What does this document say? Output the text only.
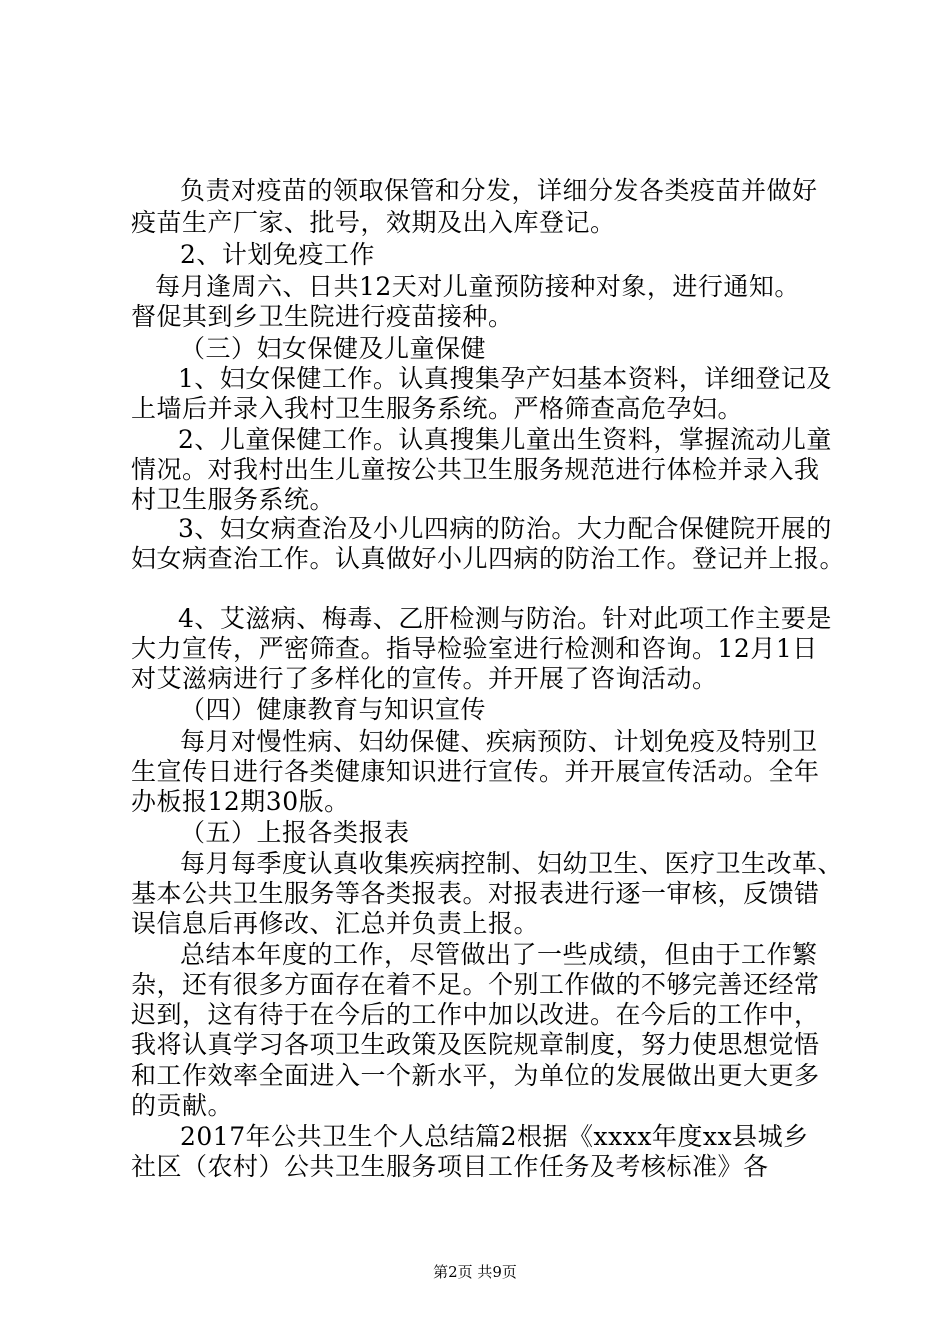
负责对疫苗的领取保管和分发，详细分发各类疫苗并做好
疫苗生产厂家、批号，效期及出入库登记。
2、计划免疫工作
每月逢周六、日共12天对儿童预防接种对象，进行通知。
督促其到乡卫生院进行疫苗接种。
（三）妇女保健及儿童保健
1、妇女保健工作。认真搜集孕产妇基本资料，详细登记及
上墙后并录入我村卫生服务系统。严格筛查高危孕妇。
2、儿童保健工作。认真搜集儿童出生资料，掌握流动儿童
情况。对我村出生儿童按公共卫生服务规范进行体检并录入我
村卫生服务系统。
3、妇女病查治及小儿四病的防治。大力配合保健院开展的
妇女病查治工作。认真做好小儿四病的防治工作。登记并上报。
4、艾滋病、梅毒、乙肝检测与防治。针对此项工作主要是
大力宣传，严密筛查。指导检验室进行检测和咨询。12月1日
对艾滋病进行了多样化的宣传。并开展了咨询活动。
（四）健康教育与知识宣传
每月对慢性病、妇幼保健、疾病预防、计划免疫及特别卫
生宣传日进行各类健康知识进行宣传。并开展宣传活动。全年
办板报12期30版。
（五）上报各类报表
每月每季度认真收集疾病控制、妇幼卫生、医疗卫生改革、
基本公共卫生服务等各类报表。对报表进行逐一审核，反馈错
误信息后再修改、汇总并负责上报。
总结本年度的工作，尽管做出了一些成绩，但由于工作繁
杂，还有很多方面存在着不足。个别工作做的不够完善还经常
迟到，这有待于在今后的工作中加以改进。在今后的工作中，
我将认真学习各项卫生政策及医院规章制度，努力使思想觉悟
和工作效率全面进入一个新水平，为单位的发展做出更大更多
的贡献。
2017年公共卫生个人总结篇2根据《xxxx年度xx县城乡
社区（农村）公共卫生服务项目工作任务及考核标准》各
第2页 共9页
